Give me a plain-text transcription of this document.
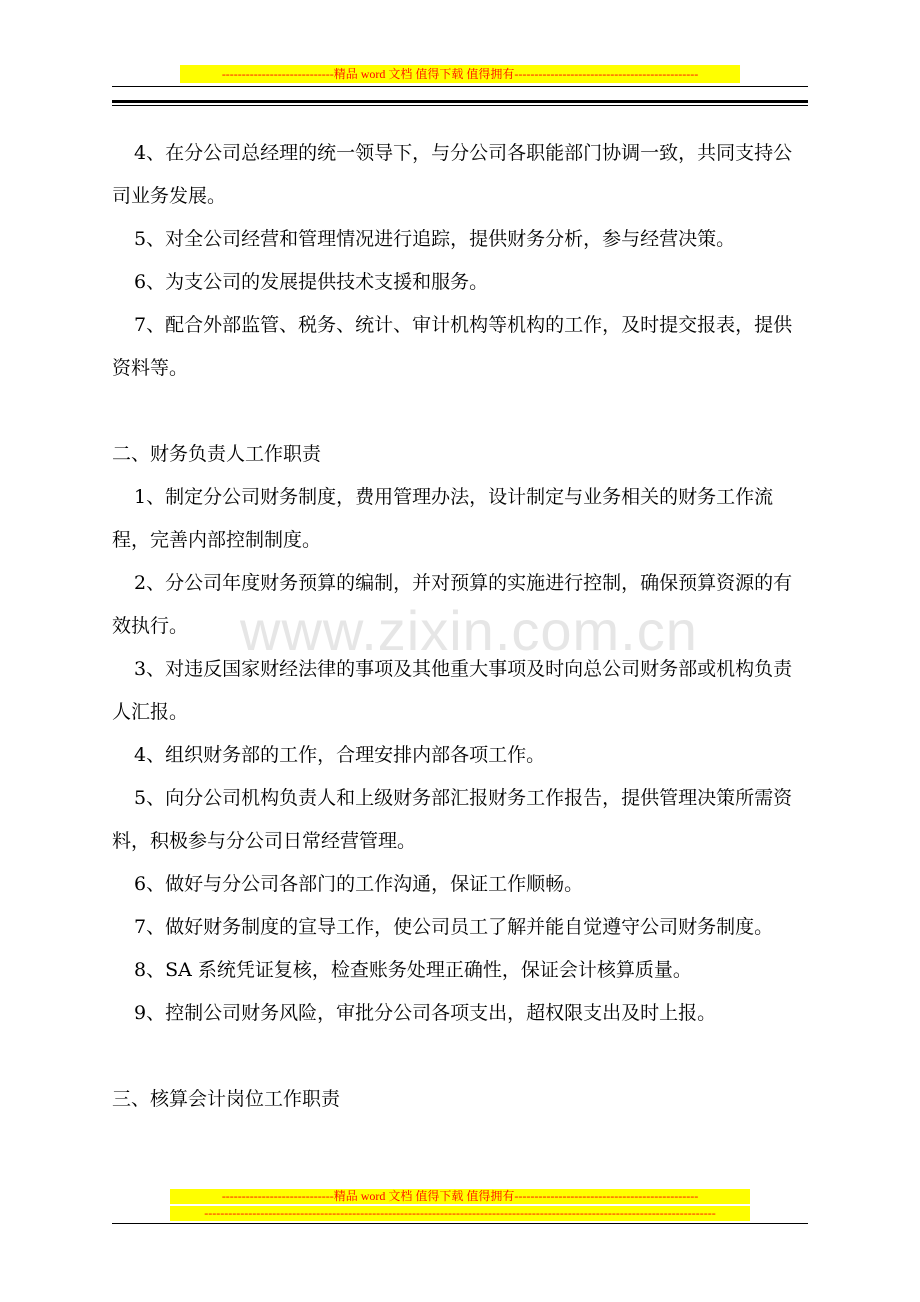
----------------------------精品 word 文档 值得下载 值得拥有----------------------------------------------

4、在分公司总经理的统一领导下，与分公司各职能部门协调一致，共同支持公司业务发展。

5、对全公司经营和管理情况进行追踪，提供财务分析，参与经营决策。

6、为支公司的发展提供技术支援和服务。

7、配合外部监管、税务、统计、审计机构等机构的工作，及时提交报表，提供资料等。

二、财务负责人工作职责

1、制定分公司财务制度，费用管理办法，设计制定与业务相关的财务工作流程，完善内部控制制度。

2、分公司年度财务预算的编制，并对预算的实施进行控制，确保预算资源的有效执行。

3、对违反国家财经法律的事项及其他重大事项及时向总公司财务部或机构负责人汇报。

4、组织财务部的工作，合理安排内部各项工作。

5、向分公司机构负责人和上级财务部汇报财务工作报告，提供管理决策所需资料，积极参与分公司日常经营管理。

6、做好与分公司各部门的工作沟通，保证工作顺畅。

7、做好财务制度的宣导工作，使公司员工了解并能自觉遵守公司财务制度。

8、SA 系统凭证复核，检查账务处理正确性，保证会计核算质量。

9、控制公司财务风险，审批分公司各项支出，超权限支出及时上报。

三、核算会计岗位工作职责

www.zixin.com.cn
----------------------------精品 word 文档 值得下载 值得拥有----------------------------------------------
--------------------------------------------------------------------------------------------------------------------------------
